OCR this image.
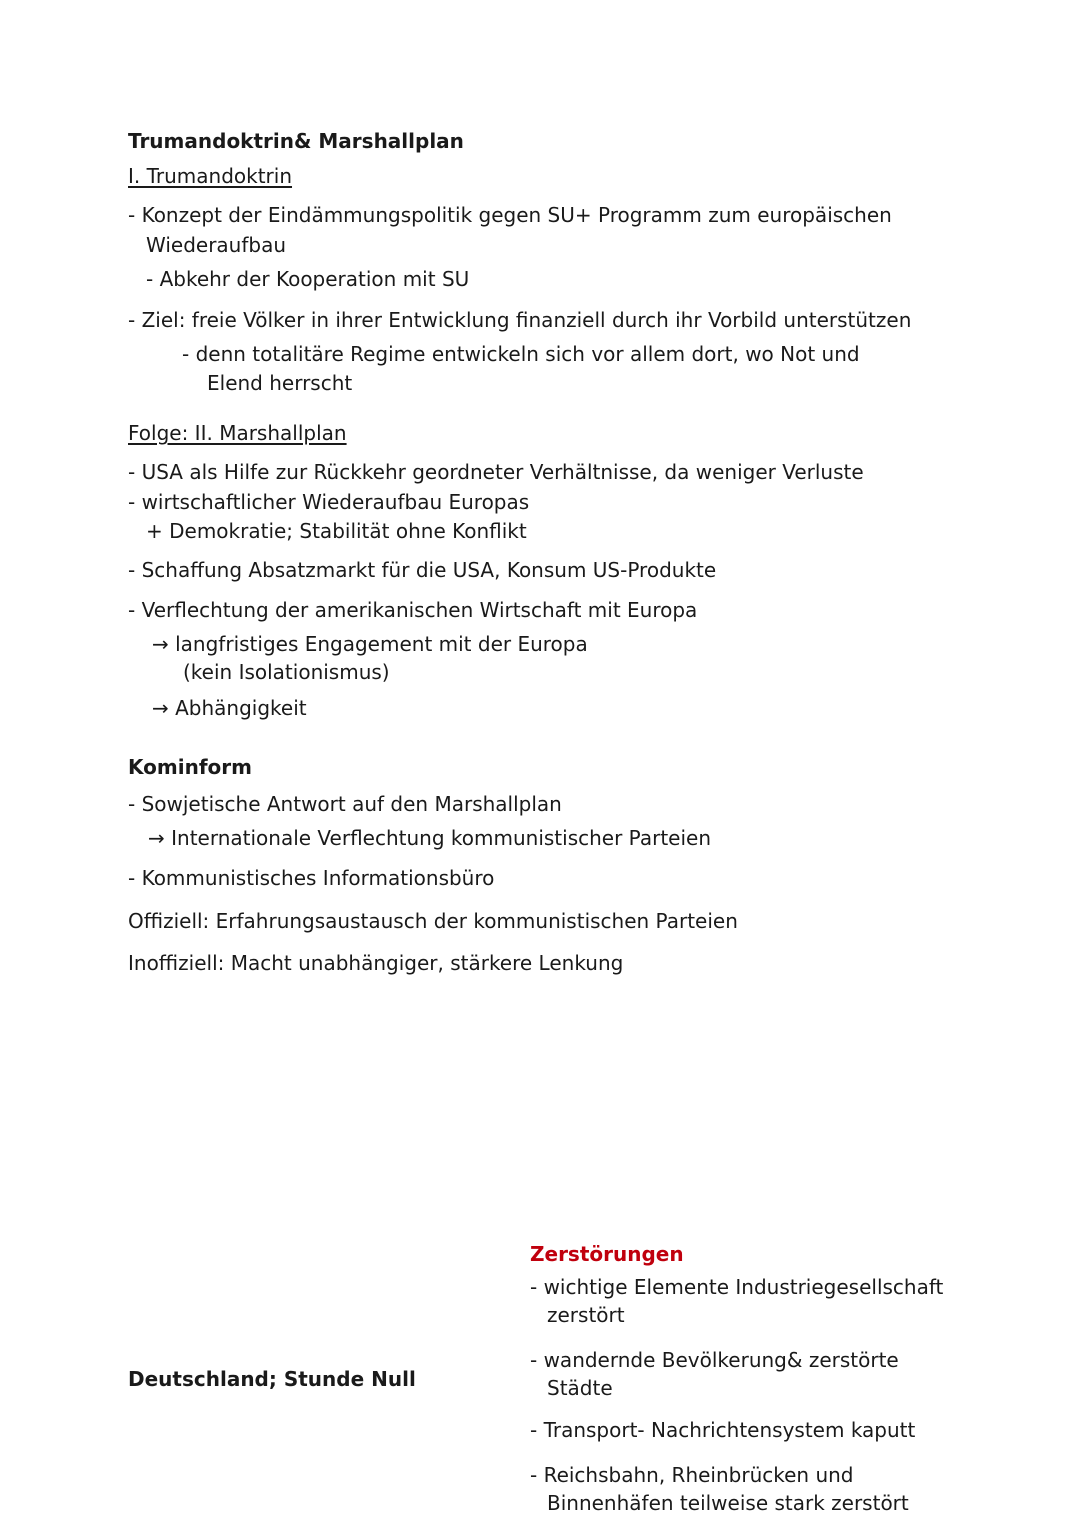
Trumandoktrin& Marshallplan
I. Trumandoktrin
- Konzept der Eindämmungspolitik gegen SU+ Programm zum europäischen
Wiederaufbau
- Abkehr der Kooperation mit SU
- Ziel: freie Völker in ihrer Entwicklung finanziell durch ihr Vorbild unterstützen
- denn totalitäre Regime entwickeln sich vor allem dort, wo Not und
Elend herrscht
Folge: II. Marshallplan
- USA als Hilfe zur Rückkehr geordneter Verhältnisse, da weniger Verluste
- wirtschaftlicher Wiederaufbau Europas
+ Demokratie; Stabilität ohne Konflikt
- Schaffung Absatzmarkt für die USA, Konsum US-Produkte
- Verflechtung der amerikanischen Wirtschaft mit Europa
→ langfristiges Engagement mit der Europa
(kein Isolationismus)
→ Abhängigkeit
Kominform
- Sowjetische Antwort auf den Marshallplan
→ Internationale Verflechtung kommunistischer Parteien
- Kommunistisches Informationsbüro
Offiziell: Erfahrungsaustausch der kommunistischen Parteien
Inoffiziell: Macht unabhängiger, stärkere Lenkung
Deutschland; Stunde Null
Zerstörungen
- wichtige Elemente Industriegesellschaft
zerstört
- wandernde Bevölkerung& zerstörte
Städte
- Transport- Nachrichtensystem kaputt
- Reichsbahn, Rheinbrücken und
Binnenhäfen teilweise stark zerstört
